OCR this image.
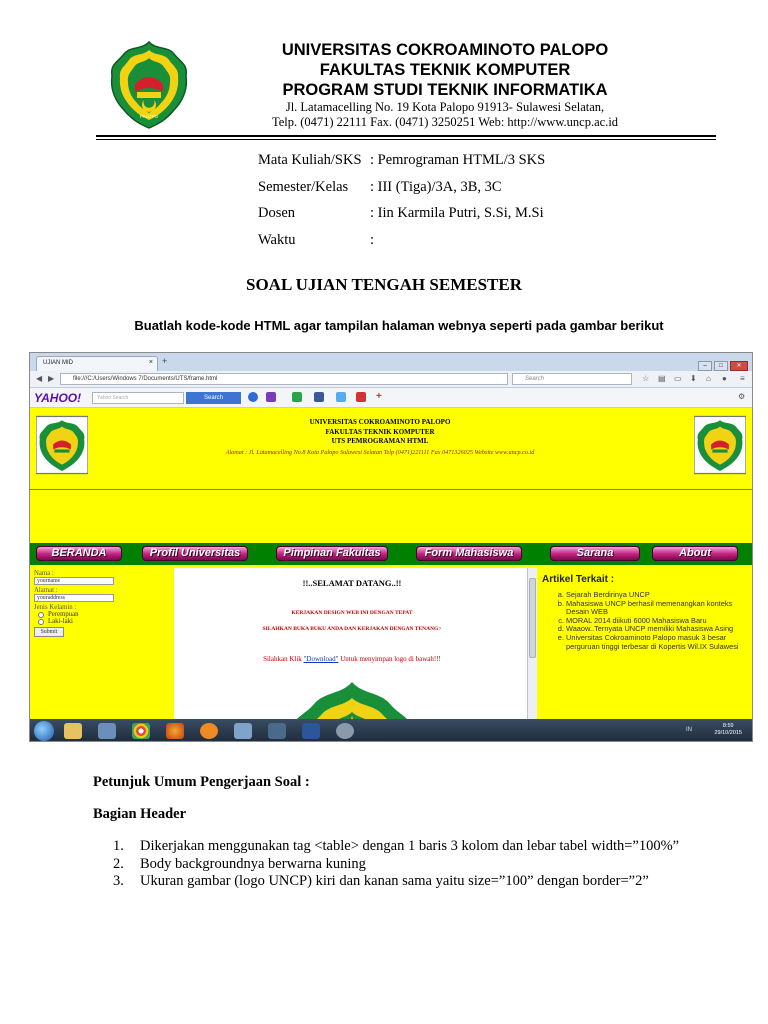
PALOPO
UNIVERSITAS COKROAMINOTO PALOPO
FAKULTAS TEKNIK KOMPUTER
PROGRAM STUDI TEKNIK INFORMATIKA
Jl. Latamacelling No. 19 Kota Palopo 91913- Sulawesi Selatan,
Telp. (0471) 22111 Fax. (0471) 3250251 Web: http://www.uncp.ac.id
Mata Kuliah/SKS : Pemrograman HTML/3 SKS
Semester/Kelas : III (Tiga)/3A, 3B, 3C
Dosen	: Iin Karmila Putri, S.Si, M.Si
Waktu	:
SOAL UJIAN TENGAH SEMESTER
Buatlah kode-kode HTML agar tampilan halaman webnya seperti pada gambar berikut
UJIAN MID	× +	– □ ✕
◀ ▶	file:///C:/Users/Windows 7/Documents/UTS/frame.html	Search	☆ ▤ ▭ ⬇ ⌂ ● ≡
YAHOO!	Yahoo Search	Search	+	⚙
UNIVERSITAS COKROAMINOTO PALOPO
FAKULTAS TEKNIK KOMPUTER
UTS PEMROGRAMAN HTML
Alamat : Jl. Latamacelling No.8 Kota Palopo Sulawesi Selatan Telp (0471)221111 Fax 0471326025 Website www.uncp.co.id
BERANDA	Profil Universitas	Pimpinan Fakultas	Form Mahasiswa	Sarana	About
Nama :
yourname
Alamat :
youraddress
Jenis Kelamin :
Perempuan
Laki-laki
Submit
!!..SELAMAT DATANG..!!
KERJAKAN DESIGN WEB INI DENGAN TEPAT
SILAHKAN BUKA BUKU ANDA DAN KERJAKAN DENGAN TENANG>
Silahkan Klik "Download" Untuk menyimpan logo di bawah!!!
Artikel Terkait :
a. Sejarah Berdirinya UNCP
b. Mahasiswa UNCP berhasil memenangkan konteks Desain WEB
c. MORAL 2014 diikuti 6000 Mahasiswa Baru
d. Waaow..Ternyata UNCP memiliki Mahasiswa Asing
e. Universitas Cokroaminoto Palopo masuk 3 besar perguruan tinggi terbesar di Kopertis Wil.IX Sulawesi
IN
8:59
29/10/2015
Petunjuk Umum Pengerjaan Soal :
Bagian Header
1. Dikerjakan menggunakan tag <table> dengan 1 baris 3 kolom dan lebar tabel width=”100%”
2. Body backgroundnya berwarna kuning
3. Ukuran gambar (logo UNCP) kiri dan kanan sama yaitu size=”100” dengan border=”2”
